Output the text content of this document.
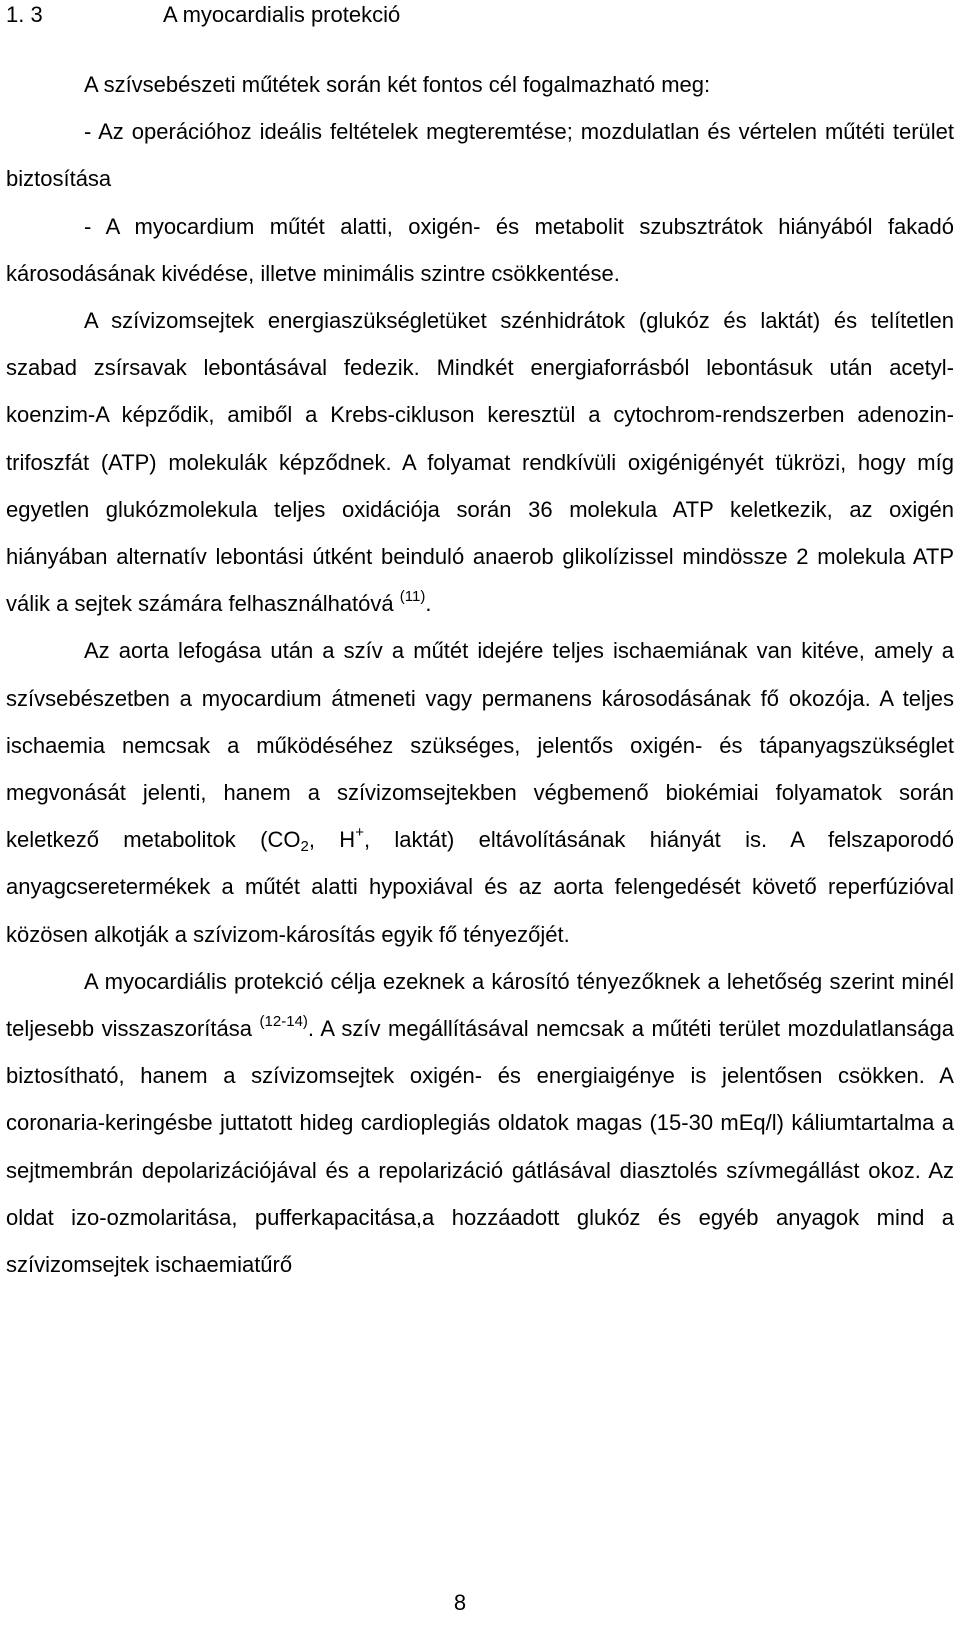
1. 3	A myocardialis protekció

A szívsebészeti műtétek során két fontos cél fogalmazható meg:

- Az operációhoz ideális feltételek megteremtése; mozdulatlan és vértelen műtéti terület biztosítása

- A myocardium műtét alatti, oxigén- és metabolit szubsztrátok hiányából fakadó károsodásának kivédése, illetve minimális szintre csökkentése.

A szívizomsejtek energiaszükségletüket szénhidrátok (glukóz és laktát) és telítetlen szabad zsírsavak lebontásával fedezik. Mindkét energiaforrásból lebontásuk után acetyl-koenzim-A képződik, amiből a Krebs-cikluson keresztül a cytochrom-rendszerben adenozin-trifoszfát (ATP) molekulák képződnek. A folyamat rendkívüli oxigénigényét tükrözi, hogy míg egyetlen glukózmolekula teljes oxidációja során 36 molekula ATP keletkezik, az oxigén hiányában alternatív lebontási útként beinduló anaerob glikolízissel mindössze 2 molekula ATP válik a sejtek számára felhasználhatóvá $^{(11)}$.

Az aorta lefogása után a szív a műtét idejére teljes ischaemiának van kitéve, amely a szívsebészetben a myocardium átmeneti vagy permanens károsodásának fő okozója. A teljes ischaemia nemcsak a működéséhez szükséges, jelentős oxigén- és tápanyagszükséglet megvonását jelenti, hanem a szívizomsejtekben végbemenő biokémiai folyamatok során keletkező metabolitok ($CO_2$, H+, laktát) eltávolításának hiányát is. A felszaporodó anyagcseretermékek a műtét alatti hypoxiával és az aorta felengedését követő reperfúzióval közösen alkotják a szívizom-károsítás egyik fő tényezőjét.

A myocardiális protekció célja ezeknek a károsító tényezőknek a lehetőség szerint minél teljesebb visszaszorítása $^{(12-14)}$. A szív megállításával nemcsak a műtéti terület mozdulatlansága biztosítható, hanem a szívizomsejtek oxigén- és energiaigénye is jelentősen csökken. A coronaria-keringésbe juttatott hideg cardioplegiás oldatok magas (15-30 mEq/l) káliumtartalma a sejtmembrán depolarizációjával és a repolarizáció gátlásával diasztolés szívmegállást okoz. Az oldat izo-ozmolaritása, pufferkapacitása,a hozzáadott glukóz és egyéb anyagok mind a szívizomsejtek ischaemiatűrő

8
